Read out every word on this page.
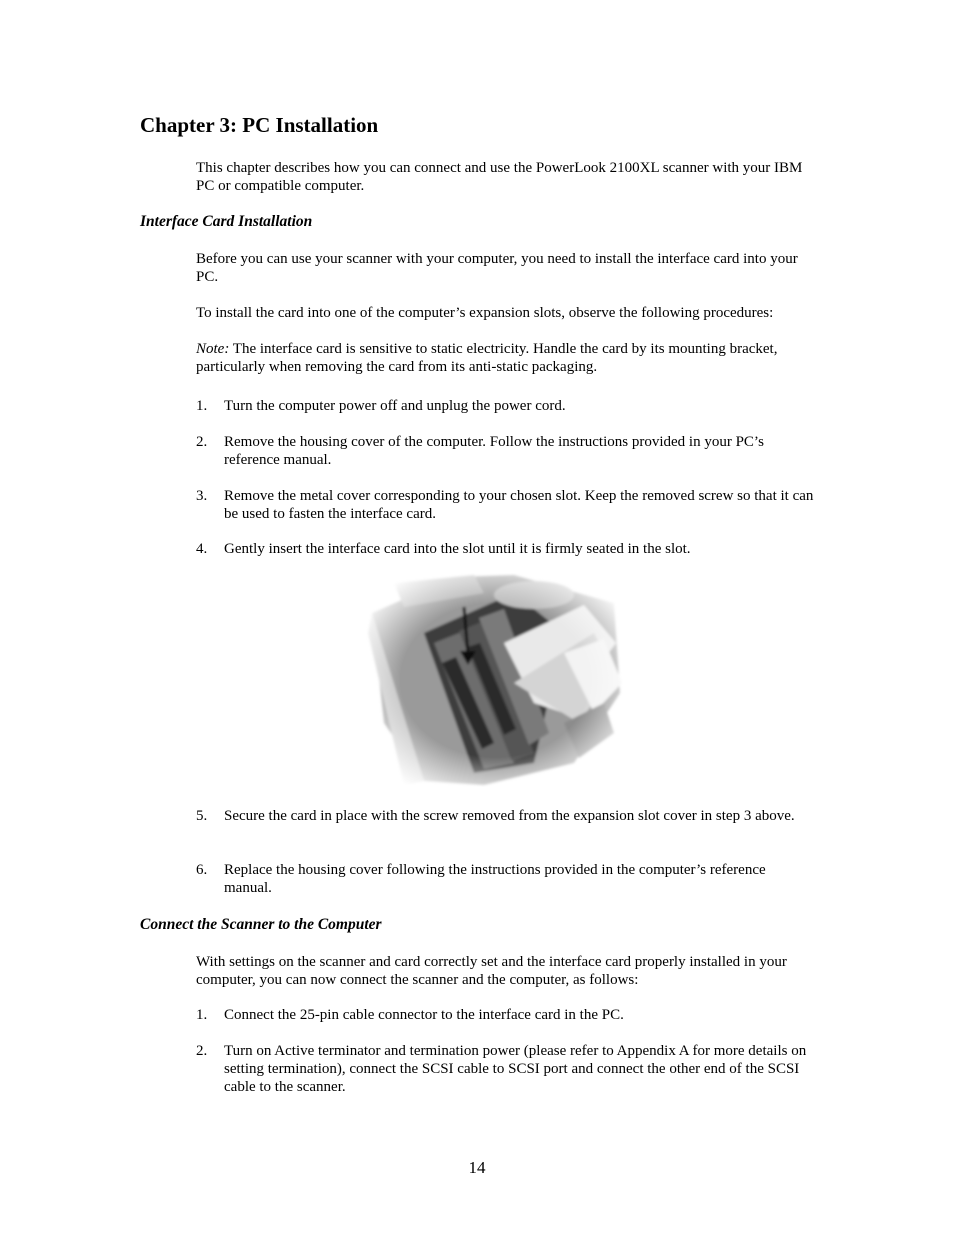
Chapter 3: PC Installation
This chapter describes how you can connect and use the PowerLook 2100XL scanner with your IBM PC or compatible computer.
Interface Card Installation
Before you can use your scanner with your computer, you need to install the interface card into your PC.
To install the card into one of the computer’s expansion slots, observe the following procedures:
Note: The interface card is sensitive to static electricity. Handle the card by its mounting bracket, particularly when removing the card from its anti-static packaging.
1.	Turn the computer power off and unplug the power cord.
2.	Remove the housing cover of the computer. Follow the instructions provided in your PC’s reference manual.
3.	Remove the metal cover corresponding to your chosen slot. Keep the removed screw so that it can be used to fasten the interface card.
4.	Gently insert the interface card into the slot until it is firmly seated in the slot.
5.	Secure the card in place with the screw removed from the expansion slot cover in step 3 above.
6.	Replace the housing cover following the instructions provided in the computer’s reference manual.
Connect the Scanner to the Computer
With settings on the scanner and card correctly set and the interface card properly installed in your computer, you can now connect the scanner and the computer, as follows:
1.	Connect the 25-pin cable connector to the interface card in the PC.
2.	Turn on Active terminator and termination power (please refer to Appendix A for more details on setting termination), connect the SCSI cable to SCSI port and connect the other end of the SCSI cable to the scanner.
14
